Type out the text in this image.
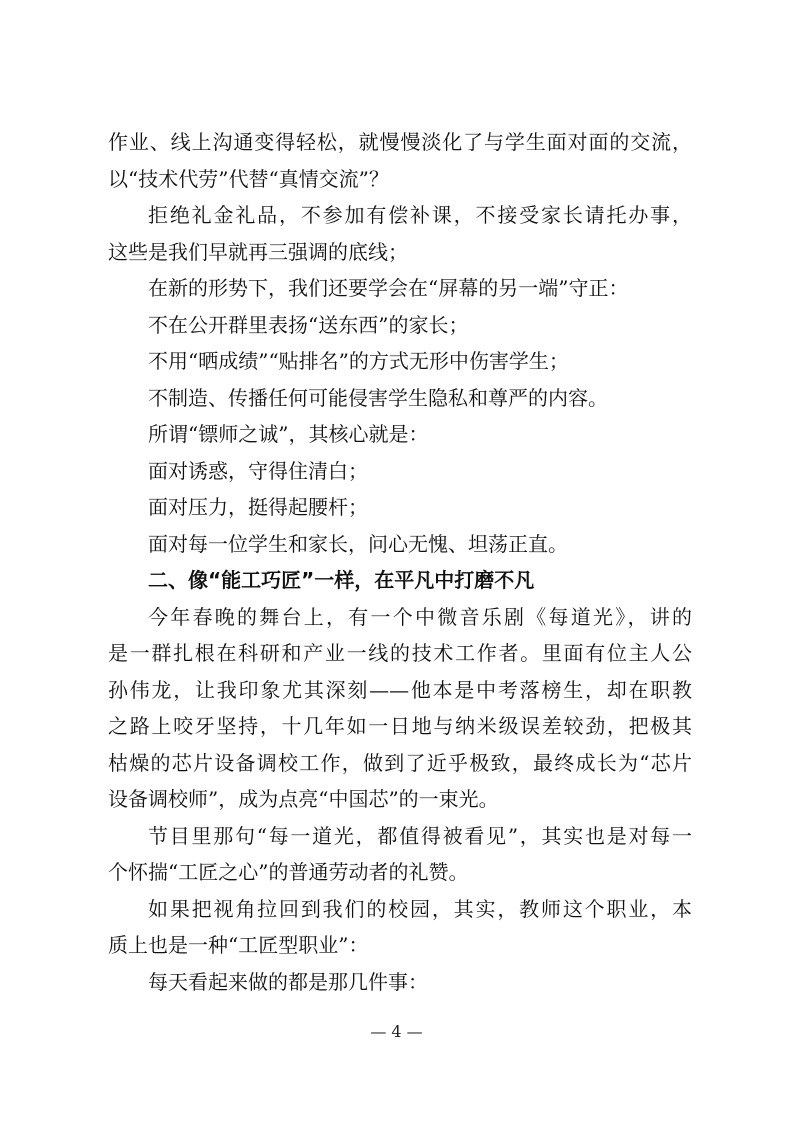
作业、线上沟通变得轻松，就慢慢淡化了与学生面对面的交流，
以“技术代劳”代替“真情交流”？
拒绝礼金礼品，不参加有偿补课，不接受家长请托办事，
这些是我们早就再三强调的底线；
在新的形势下，我们还要学会在“屏幕的另一端”守正：
不在公开群里表扬“送东西”的家长；
不用“晒成绩”“贴排名”的方式无形中伤害学生；
不制造、传播任何可能侵害学生隐私和尊严的内容。
所谓“镖师之诚”，其核心就是：
面对诱惑，守得住清白；
面对压力，挺得起腰杆；
面对每一位学生和家长，问心无愧、坦荡正直。
二、像“能工巧匠”一样，在平凡中打磨不凡
今年春晚的舞台上，有一个中微音乐剧《每道光》，讲的
是一群扎根在科研和产业一线的技术工作者。里面有位主人公
孙伟龙，让我印象尤其深刻——他本是中考落榜生，却在职教
之路上咬牙坚持，十几年如一日地与纳米级误差较劲，把极其
枯燥的芯片设备调校工作，做到了近乎极致，最终成长为“芯片
设备调校师”，成为点亮“中国芯”的一束光。
节目里那句“每一道光，都值得被看见”，其实也是对每一
个怀揣“工匠之心”的普通劳动者的礼赞。
如果把视角拉回到我们的校园，其实，教师这个职业，本
质上也是一种“工匠型职业”：
每天看起来做的都是那几件事：
— 4 —
